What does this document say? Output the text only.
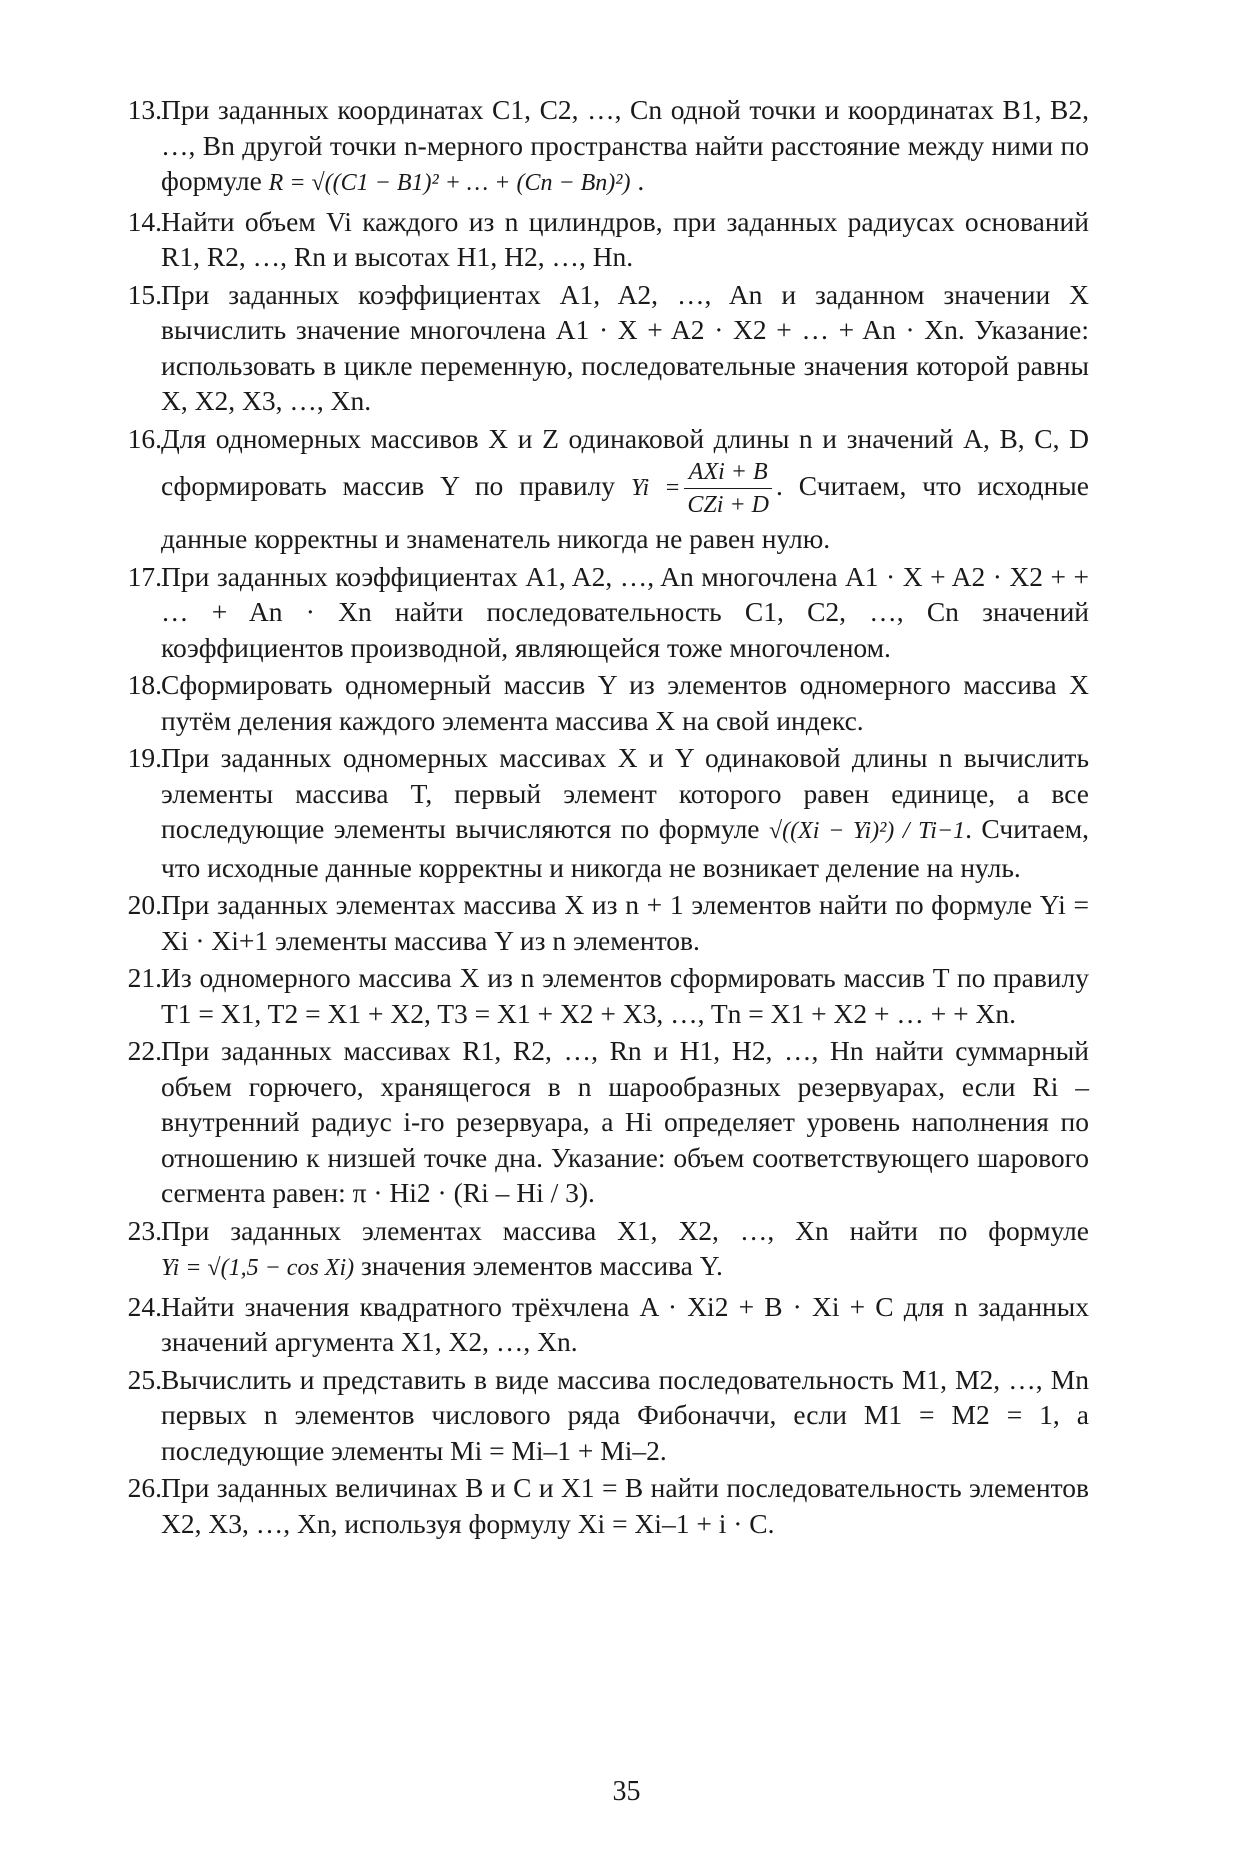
13. При заданных координатах C1, C2, …, Cn одной точки и координатах B1, B2, …, Bn другой точки n-мерного пространства найти расстояние между ними по формуле R = √((C1 − B1)² + … + (Cn − Bn)²) .
14. Найти объем Vi каждого из n цилиндров, при заданных радиусах оснований R1, R2, …, Rn и высотах H1, H2, …, Hn.
15. При заданных коэффициентах A1, A2, …, An и заданном значении X вычислить значение многочлена A1 · X + A2 · X2 + … + An · Xn. Указание: использовать в цикле переменную, последовательные значения которой равны X, X2, X3, …, Xn.
16. Для одномерных массивов X и Z одинаковой длины n и значений A, B, C, D сформировать массив Y по правилу $Yi = \frac{\text{AXi + B}}{\text{CZi + D}}$ . Считаем, что исходные данные корректны и знаменатель никогда не равен нулю.
17. При заданных коэффициентах A1, A2, …, An многочлена A1 · X + A2 · X2 + + … + An · Xn найти последовательность C1, C2, …, Cn значений коэффициентов производной, являющейся тоже многочленом.
18. Сформировать одномерный массив Y из элементов одномерного массива X путём деления каждого элемента массива X на свой индекс.
19. При заданных одномерных массивах X и Y одинаковой длины n вычислить элементы массива T, первый элемент которого равен единице, а все последующие элементы вычисляются по формуле √((Xi − Yi)²) / Ti−1. Считаем, что исходные данные корректны и никогда не возникает деление на нуль.
20. При заданных элементах массива X из n + 1 элементов найти по формуле Yi = Xi · Xi+1 элементы массива Y из n элементов.
21. Из одномерного массива X из n элементов сформировать массив T по правилу T1 = X1, T2 = X1 + X2, T3 = X1 + X2 + X3, …, Tn = X1 + X2 + … + + Xn.
22. При заданных массивах R1, R2, …, Rn и H1, H2, …, Hn найти суммарный объем горючего, хранящегося в n шарообразных резервуарах, если Ri – внутренний радиус i-го резервуара, а Hi определяет уровень наполнения по отношению к низшей точке дна. Указание: объем соответствующего шарового сегмента равен: π · Hi2 · (Ri – Hi / 3).
23. При заданных элементах массива X1, X2, …, Xn найти по формуле Yi = √(1,5 − cos Xi) значения элементов массива Y.
24. Найти значения квадратного трёхчлена A · Xi2 + B · Xi + C для n заданных значений аргумента X1, X2, …, Xn.
25. Вычислить и представить в виде массива последовательность M1, M2, …, Mn первых n элементов числового ряда Фибоначчи, если M1 = M2 = 1, а последующие элементы Mi = Mi–1 + Mi–2.
26. При заданных величинах B и C и X1 = B найти последовательность элементов X2, X3, …, Xn, используя формулу Xi = Xi–1 + i · C.
35
